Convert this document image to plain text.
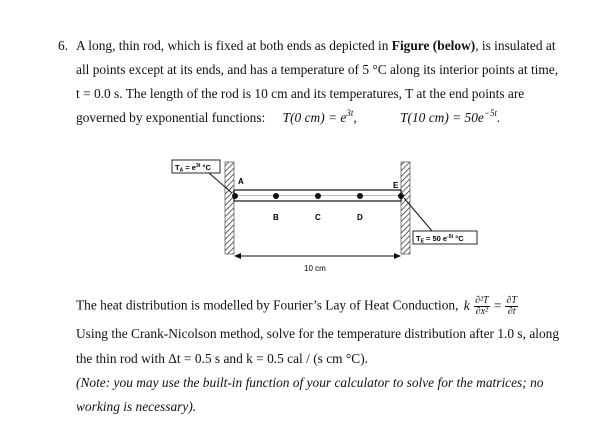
6. A long, thin rod, which is fixed at both ends as depicted in Figure (below), is insulated at
all points except at its ends, and has a temperature of 5 °C along its interior points at time,
t = 0.0 s. The length of the rod is 10 cm and its temperatures, T at the end points are
governed by exponential functions: T(0 $cm) = e^{3t}$,	T(10 $cm) = 50e^{-5t}$.
A
B	C	D
E
$T_A = e^{3t}$ °C
$T_E = 50$ $e^{-5t}$ °C
10 cm
The heat distribution is modelled by Fourier’s Lay of Heat Conduction, k $\frac{\text{∂²T}}{\text{∂x²}} = \frac{\partial T}{\partial t}$
Using the Crank-Nicolson method, solve for the temperature distribution after 1.0 s, along
the thin rod with Δt = 0.5 s and k = 0.5 cal / (s cm °C).
(Note: you may use the built-in function of your calculator to solve for the matrices; no
working is necessary).
